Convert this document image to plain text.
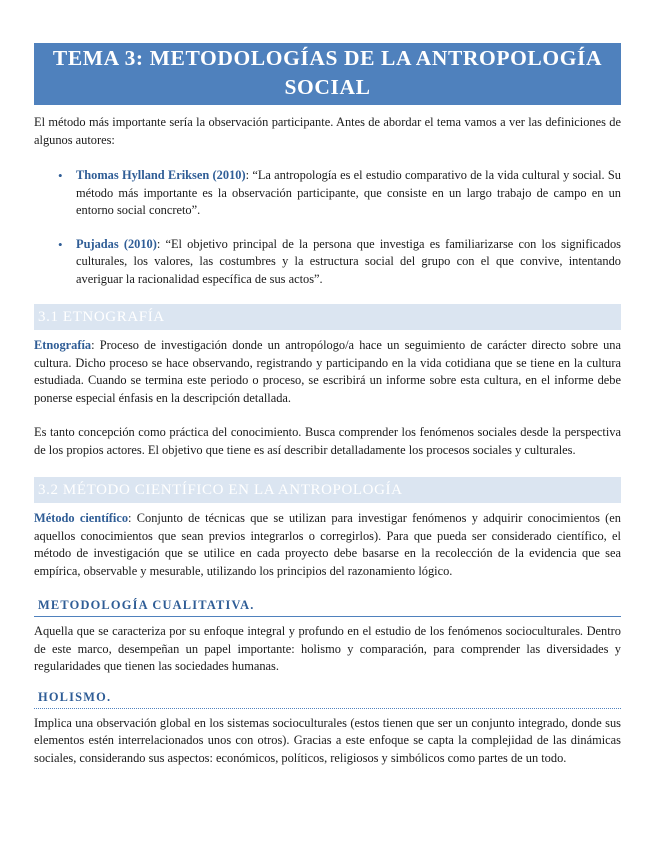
TEMA 3: METODOLOGÍAS DE LA ANTROPOLOGÍA SOCIAL

El método más importante sería la observación participante. Antes de abordar el tema vamos a ver las definiciones de algunos autores:

• Thomas Hylland Eriksen (2010): “La antropología es el estudio comparativo de la vida cultural y social. Su método más importante es la observación participante, que consiste en un largo trabajo de campo en un entorno social concreto”.

• Pujadas (2010): “El objetivo principal de la persona que investiga es familiarizarse con los significados culturales, los valores, las costumbres y la estructura social del grupo con el que convive, intentando averiguar la racionalidad específica de sus actos”.

3.1 ETNOGRAFÍA

Etnografía: Proceso de investigación donde un antropólogo/a hace un seguimiento de carácter directo sobre una cultura. Dicho proceso se hace observando, registrando y participando en la vida cotidiana que se tiene en la cultura estudiada. Cuando se termina este periodo o proceso, se escribirá un informe sobre esta cultura, en el informe debe ponerse especial énfasis en la descripción detallada.

Es tanto concepción como práctica del conocimiento. Busca comprender los fenómenos sociales desde la perspectiva de los propios actores. El objetivo que tiene es así describir detalladamente los procesos sociales y culturales.

3.2 MÉTODO CIENTÍFICO EN LA ANTROPOLOGÍA

Método científico: Conjunto de técnicas que se utilizan para investigar fenómenos y adquirir conocimientos (en aquellos conocimientos que sean previos integrarlos o corregirlos). Para que pueda ser considerado científico, el método de investigación que se utilice en cada proyecto debe basarse en la recolección de la evidencia que sea empírica, observable y mesurable, utilizando los principios del razonamiento lógico.

METODOLOGÍA CUALITATIVA.

Aquella que se caracteriza por su enfoque integral y profundo en el estudio de los fenómenos socioculturales. Dentro de este marco, desempeñan un papel importante: holismo y comparación, para comprender las diversidades y regularidades que tienen las sociedades humanas.

HOLISMO.

Implica una observación global en los sistemas socioculturales (estos tienen que ser un conjunto integrado, donde sus elementos estén interrelacionados unos con otros). Gracias a este enfoque se capta la complejidad de las dinámicas sociales, considerando sus aspectos: económicos, políticos, religiosos y simbólicos como partes de un todo.
